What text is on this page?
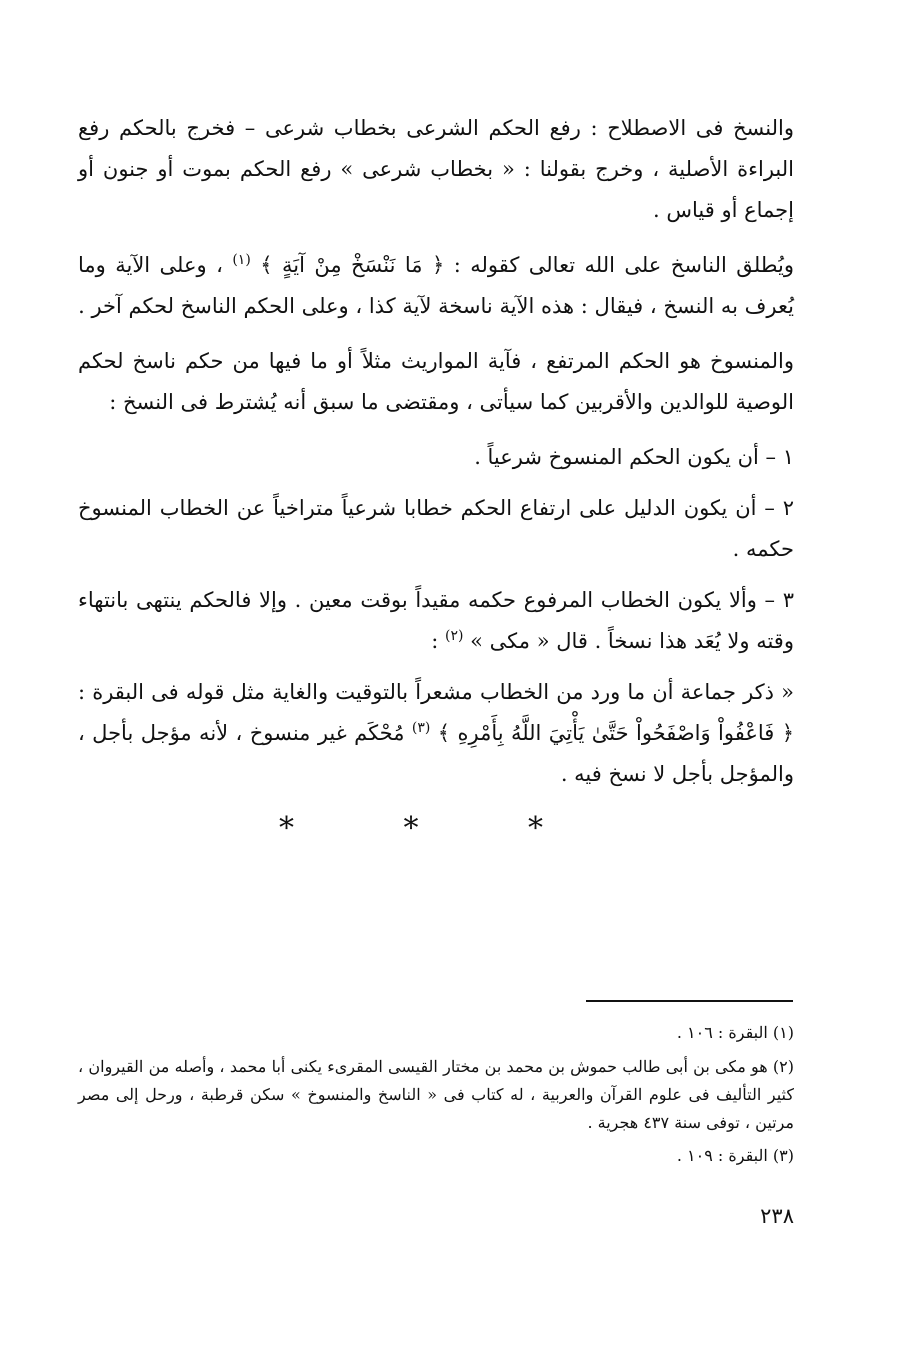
والنسخ فى الاصطلاح : رفع الحكم الشرعى بخطاب شرعى – فخرج بالحكم رفع البراءة الأصلية ، وخرج بقولنا : « بخطاب شرعى » رفع الحكم بموت أو جنون أو إجماع أو قياس .

ويُطلق الناسخ على الله تعالى كقوله : ﴿ مَا نَنْسَخْ مِنْ آيَةٍ ﴾ $^{(١)}$ ، وعلى الآية وما يُعرف به النسخ ، فيقال : هذه الآية ناسخة لآية كذا ، وعلى الحكم الناسخ لحكم آخر .

والمنسوخ هو الحكم المرتفع ، فآية المواريث مثلاً أو ما فيها من حكم ناسخ لحكم الوصية للوالدين والأقربين كما سيأتى ، ومقتضى ما سبق أنه يُشترط فى النسخ :

١ – أن يكون الحكم المنسوخ شرعياً .

٢ – أن يكون الدليل على ارتفاع الحكم خطابا شرعياً متراخياً عن الخطاب المنسوخ حكمه .

٣ – وألا يكون الخطاب المرفوع حكمه مقيداً بوقت معين . وإلا فالحكم ينتهى بانتهاء وقته ولا يُعَد هذا نسخاً . قال « مكى » $^{(٢)}$ :

« ذكر جماعة أن ما ورد من الخطاب مشعراً بالتوقيت والغاية مثل قوله فى البقرة : ﴿ فَاعْفُواْ وَاصْفَحُواْ حَتَّىٰ يَأْتِيَ اللَّهُ بِأَمْرِهِ ﴾ $^{(٣)}$ مُحْكَم غير منسوخ ، لأنه مؤجل بأجل ، والمؤجل بأجل لا نسخ فيه .

* * *

(١) البقرة : ١٠٦ .

(٢) هو مكى بن أبى طالب حموش بن محمد بن مختار القيسى المقرىء يكنى أبا محمد ، وأصله من القيروان ، كثير التأليف فى علوم القرآن والعربية ، له كتاب فى « الناسخ والمنسوخ » سكن قرطبة ، ورحل إلى مصر مرتين ، توفى سنة ٤٣٧ هجرية .

(٣) البقرة : ١٠٩ .

٢٣٨
